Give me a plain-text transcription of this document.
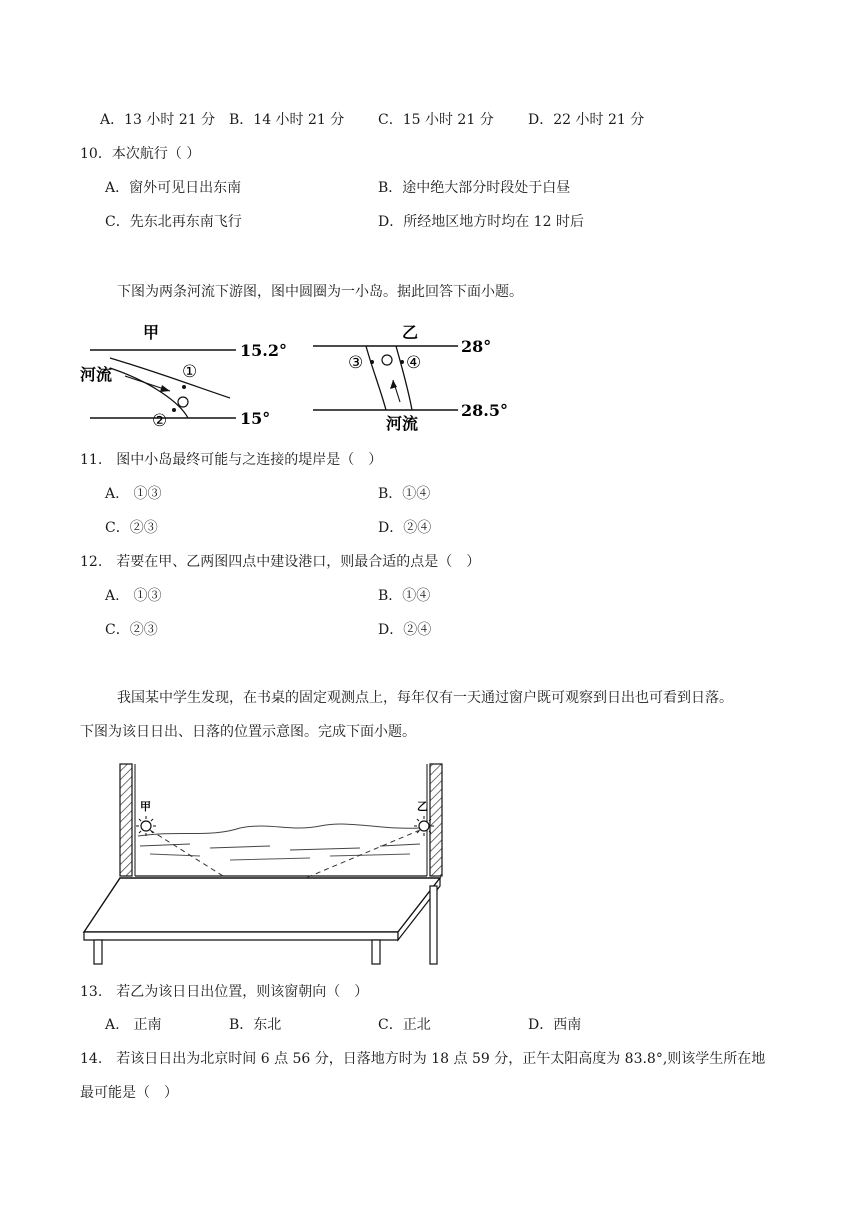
A．13 小时 21 分 B．14 小时 21 分 C．15 小时 21 分 D．22 小时 21 分
10．本次航行（ ）
A．窗外可见日出东南	B．途中绝大部分时段处于白昼
C．先东北再东南飞行	D．所经地区地方时均在 12 时后
下图为两条河流下游图，图中圆圈为一小岛。据此回答下面小题。
甲
15.2°
15°
河流	①
②
乙
28°
28.5°
③	④
河流
11.　图中小岛最终可能与之连接的堤岸是（　）
A.　①③	B．①④
C．②③	D．②④
12.　若要在甲、乙两图四点中建设港口，则最合适的点是（　）
A.　①③	B．①④
C．②③	D．②④
我国某中学生发现，在书桌的固定观测点上，每年仅有一天通过窗户既可观察到日出也可看到日落。
下图为该日日出、日落的位置示意图。完成下面小题。
甲	乙
13.　若乙为该日日出位置，则该窗朝向（　）
A.　正南	B．东北	C．正北	D．西南
14.　若该日日出为北京时间 6 点 56 分，日落地方时为 18 点 59 分，正午太阳高度为 83.8°,则该学生所在地
最可能是（　）
